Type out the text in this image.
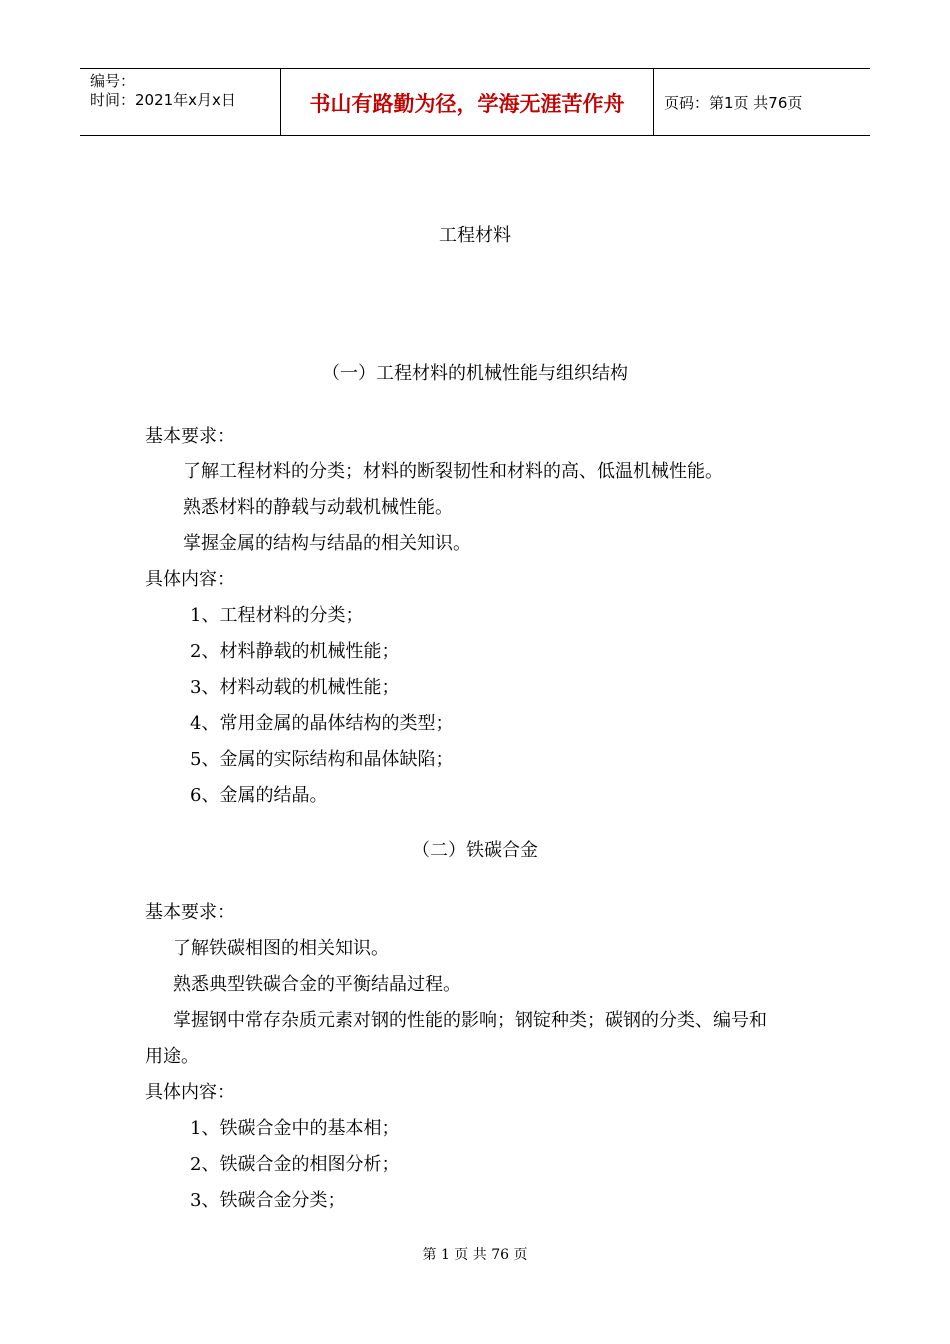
编号：
时间：2021年x月x日	书山有路勤为径，学海无涯苦作舟	页码：第1页 共76页
工程材料
（一）工程材料的机械性能与组织结构
基本要求：
了解工程材料的分类；材料的断裂韧性和材料的高、低温机械性能。
熟悉材料的静载与动载机械性能。
掌握金属的结构与结晶的相关知识。
具体内容：
1、工程材料的分类；
2、材料静载的机械性能；
3、材料动载的机械性能；
4、常用金属的晶体结构的类型；
5、金属的实际结构和晶体缺陷；
6、金属的结晶。
（二）铁碳合金
基本要求：
了解铁碳相图的相关知识。
熟悉典型铁碳合金的平衡结晶过程。
掌握钢中常存杂质元素对钢的性能的影响；钢锭种类；碳钢的分类、编号和
用途。
具体内容：
1、铁碳合金中的基本相；
2、铁碳合金的相图分析；
3、铁碳合金分类；
第 1 页 共 76 页
